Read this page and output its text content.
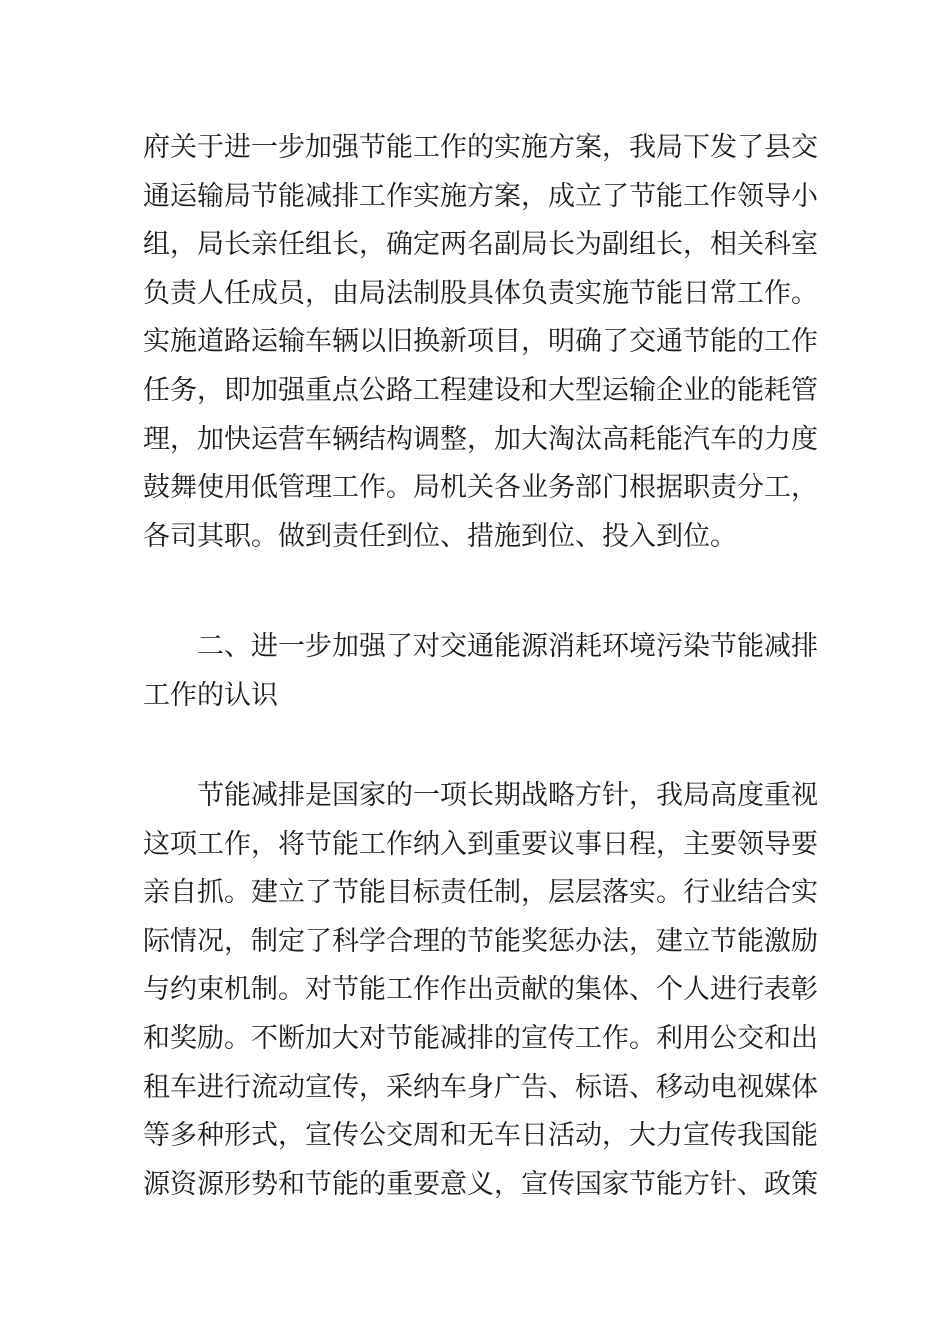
府关于进一步加强节能工作的实施方案，我局下发了县交
通运输局节能减排工作实施方案，成立了节能工作领导小
组，局长亲任组长，确定两名副局长为副组长，相关科室
负责人任成员，由局法制股具体负责实施节能日常工作。
实施道路运输车辆以旧换新项目，明确了交通节能的工作
任务，即加强重点公路工程建设和大型运输企业的能耗管
理，加快运营车辆结构调整，加大淘汰高耗能汽车的力度
鼓舞使用低管理工作。局机关各业务部门根据职责分工，
各司其职。做到责任到位、措施到位、投入到位。
二、进一步加强了对交通能源消耗环境污染节能减排
工作的认识
节能减排是国家的一项长期战略方针，我局高度重视
这项工作，将节能工作纳入到重要议事日程，主要领导要
亲自抓。建立了节能目标责任制，层层落实。行业结合实
际情况，制定了科学合理的节能奖惩办法，建立节能激励
与约束机制。对节能工作作出贡献的集体、个人进行表彰
和奖励。不断加大对节能减排的宣传工作。利用公交和出
租车进行流动宣传，采纳车身广告、标语、移动电视媒体
等多种形式，宣传公交周和无车日活动，大力宣传我国能
源资源形势和节能的重要意义，宣传国家节能方针、政策
